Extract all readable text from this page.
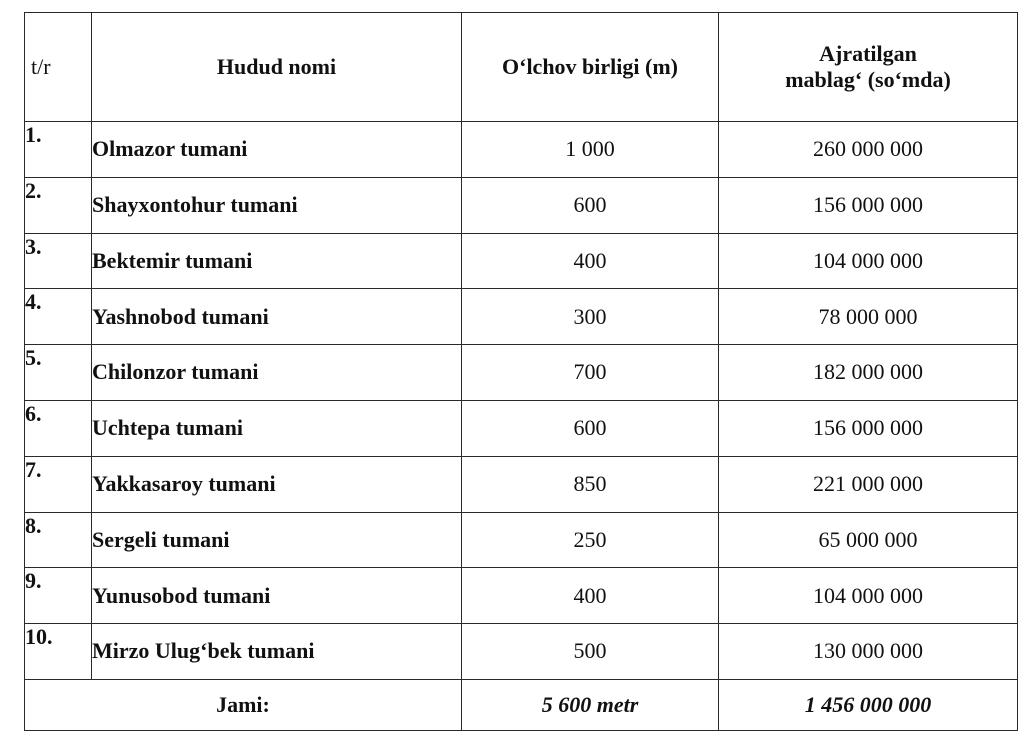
t/r	Hudud nomi	O‘lchov birligi (m)	Ajratilgan
mablag‘ (so‘mda)
1.	Olmazor tumani	1 000	260 000 000
2.	Shayxontohur tumani	600	156 000 000
3.	Bektemir tumani	400	104 000 000
4.	Yashnobod tumani	300	78 000 000
5.	Chilonzor tumani	700	182 000 000
6.	Uchtepa tumani	600	156 000 000
7.	Yakkasaroy tumani	850	221 000 000
8.	Sergeli tumani	250	65 000 000
9.	Yunusobod tumani	400	104 000 000
10.	Mirzo Ulug‘bek tumani	500	130 000 000
Jami:		5 600 metr	1 456 000 000
